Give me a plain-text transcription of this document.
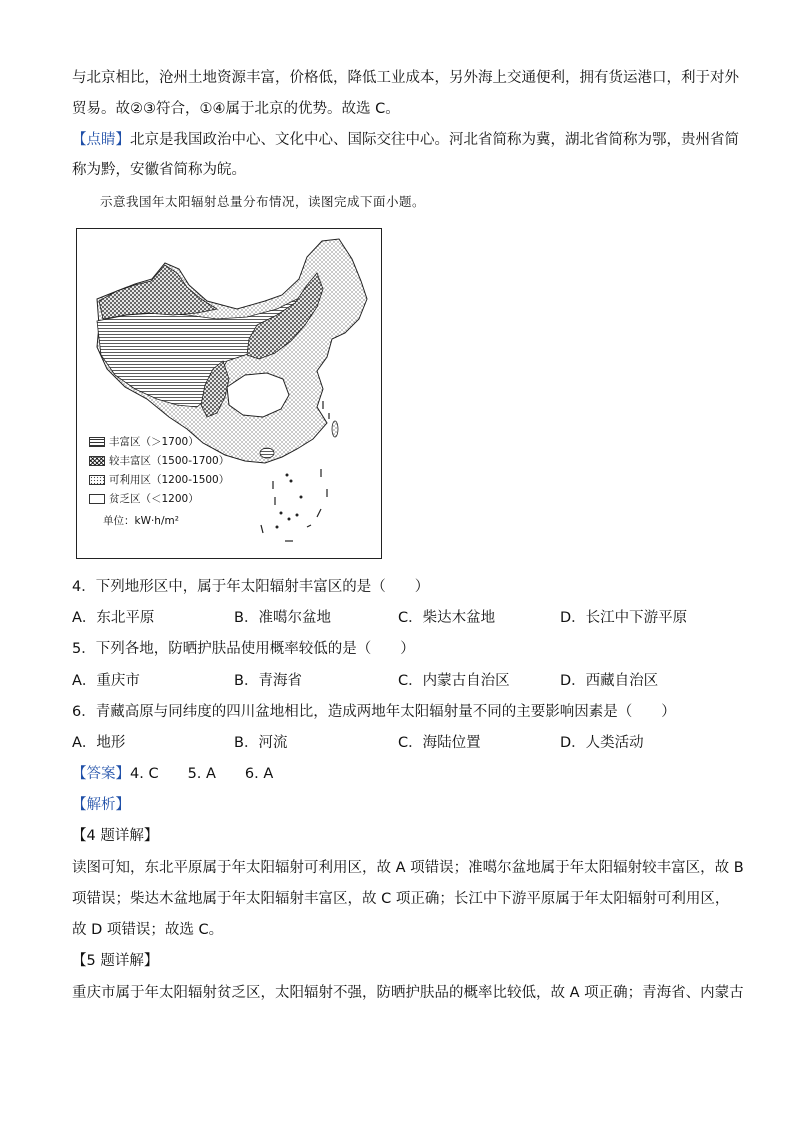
与北京相比，沧州土地资源丰富，价格低，降低工业成本，另外海上交通便利，拥有货运港口，利于对外
贸易。故②③符合，①④属于北京的优势。故选 C。
【点睛】北京是我国政治中心、文化中心、国际交往中心。河北省简称为冀，湖北省简称为鄂，贵州省简
称为黔，安徽省简称为皖。
示意我国年太阳辐射总量分布情况，读图完成下面小题。
丰富区（＞1700）
较丰富区（1500-1700）
可利用区（1200-1500）
贫乏区（＜1200）
单位：kW·h/m²
4．下列地形区中，属于年太阳辐射丰富区的是（　　）
A．东北平原	B．准噶尔盆地	C．柴达木盆地	D．长江中下游平原
5．下列各地，防晒护肤品使用概率较低的是（　　）
A．重庆市	B．青海省	C．内蒙古自治区	D．西藏自治区
6．青藏高原与同纬度的四川盆地相比，造成两地年太阳辐射量不同的主要影响因素是（　　）
A．地形	B．河流	C．海陆位置	D．人类活动
【答案】4. C　　5. A　　6. A
【解析】
【4 题详解】
读图可知，东北平原属于年太阳辐射可利用区，故 A 项错误；准噶尔盆地属于年太阳辐射较丰富区，故 B
项错误；柴达木盆地属于年太阳辐射丰富区，故 C 项正确；长江中下游平原属于年太阳辐射可利用区，
故 D 项错误；故选 C。
【5 题详解】
重庆市属于年太阳辐射贫乏区，太阳辐射不强，防晒护肤品的概率比较低，故 A 项正确；青海省、内蒙古
